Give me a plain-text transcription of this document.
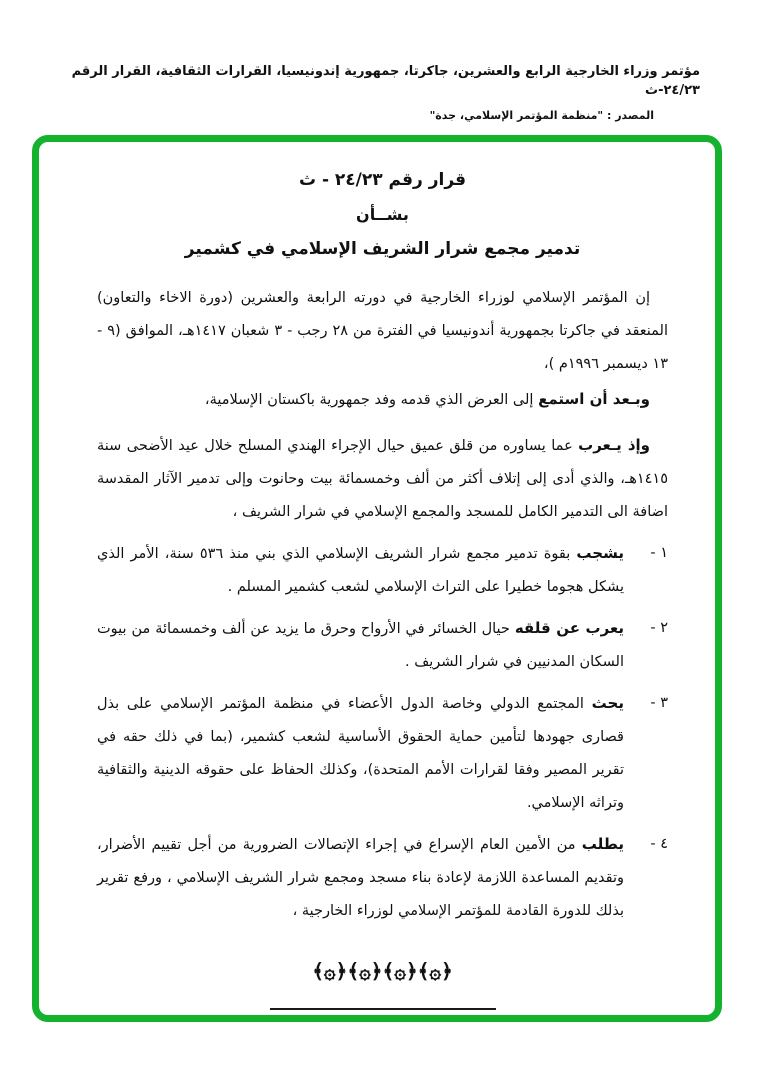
مؤتمر وزراء الخارجية الرابع والعشرين، جاكرتا، جمهورية إندونيسيا، القرارات الثقافية، القرار الرقم ٢٤/٢٣-ث
المصدر : "منظمة المؤتمر الإسلامي، جدة"
قرار رقم ٢٤/٢٣ - ث
بشــأن
تدمير مجمع شرار الشريف الإسلامي في كشمير

إن المؤتمر الإسلامي لوزراء الخارجية في دورته الرابعة والعشرين (دورة الاخاء والتعاون) المنعقد في جاكرتا بجمهورية أندونيسيا في الفترة من ٢٨ رجب - ٣ شعبان ١٤١٧هـ، الموافق (٩ - ١٣ ديسمبر ١٩٩٦م )،

وبـعد أن استمع إلى العرض الذي قدمه وفد جمهورية باكستان الإسلامية،

وإذ يـعرب عما يساوره من قلق عميق حيال الإجراء الهندي المسلح خلال عيد الأضحى سنة ١٤١٥هـ، والذي أدى إلى إتلاف أكثر من ألف وخمسمائة بيت وحانوت وإلى تدمير الآثار المقدسة اضافة الى التدمير الكامل للمسجد والمجمع الإسلامي في شرار الشريف ،

١ -
يشجب بقوة تدمير مجمع شرار الشريف الإسلامي الذي بني منذ ٥٣٦ سنة، الأمر الذي يشكل هجوما خطيرا على التراث الإسلامي لشعب كشمير المسلم .
٢ -
يعرب عن قلقه حيال الخسائر في الأرواح وحرق ما يزيد عن ألف وخمسمائة من بيوت السكان المدنيين في شرار الشريف .
٣ -
يحث المجتمع الدولي وخاصة الدول الأعضاء في منظمة المؤتمر الإسلامي على بذل قصارى جهودها لتأمين حماية الحقوق الأساسية لشعب كشمير، (بما في ذلك حقه في تقرير المصير وفقا لقرارات الأمم المتحدة)، وكذلك الحفاظ على حقوقه الدينية والثقافية وتراثه الإسلامي.
٤ -
يطلب من الأمين العام الإسراع في إجراء الإتصالات الضرورية من أجل تقييم الأضرار، وتقديم المساعدة اللازمة لإعادة بناء مسجد ومجمع شرار الشريف الإسلامي ، ورفع تقرير بذلك للدورة القادمة للمؤتمر الإسلامي لوزراء الخارجية ،
﴿۞﴾﴿۞﴾﴿۞﴾﴿۞﴾
